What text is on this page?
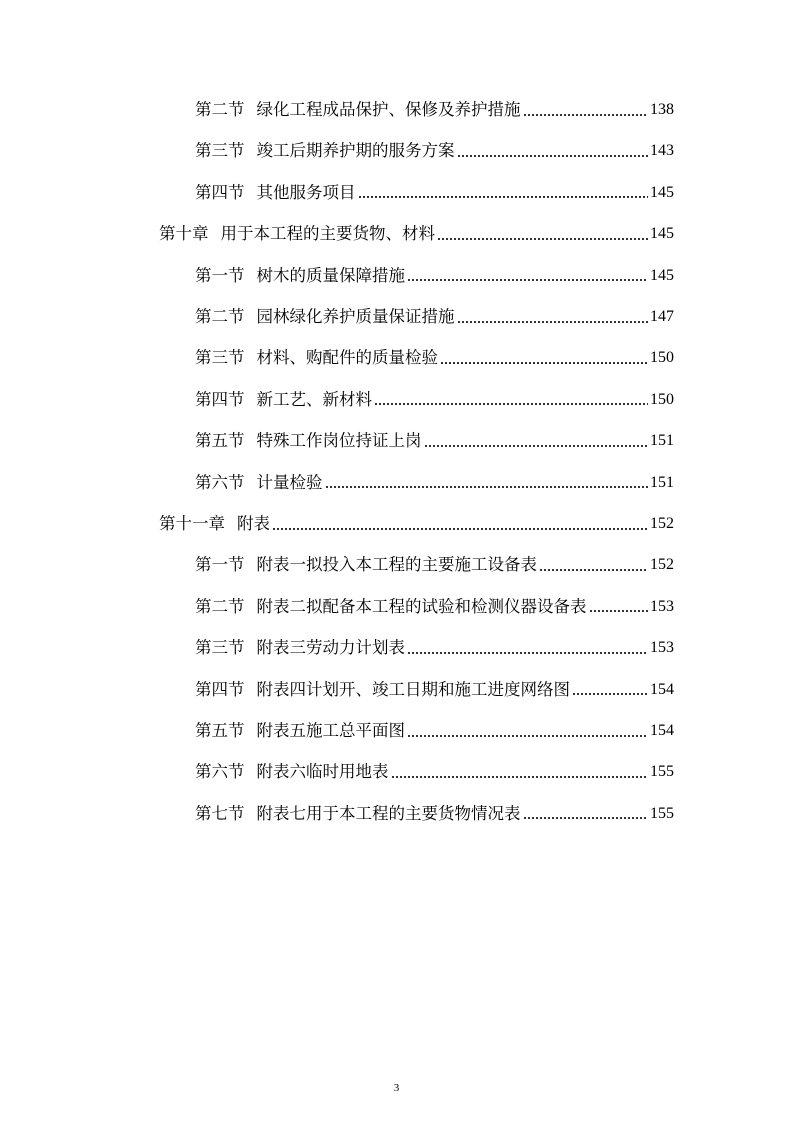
第二节 绿化工程成品保护、保修及养护措施	138
第三节 竣工后期养护期的服务方案	143
第四节 其他服务项目	145
第十章 用于本工程的主要货物、材料	145
第一节 树木的质量保障措施	145
第二节 园林绿化养护质量保证措施	147
第三节 材料、购配件的质量检验	150
第四节 新工艺、新材料	150
第五节 特殊工作岗位持证上岗	151
第六节 计量检验	151
第十一章 附表	152
第一节 附表一拟投入本工程的主要施工设备表	152
第二节 附表二拟配备本工程的试验和检测仪器设备表	153
第三节 附表三劳动力计划表	153
第四节 附表四计划开、竣工日期和施工进度网络图	154
第五节 附表五施工总平面图	154
第六节 附表六临时用地表	155
第七节 附表七用于本工程的主要货物情况表	155
3
